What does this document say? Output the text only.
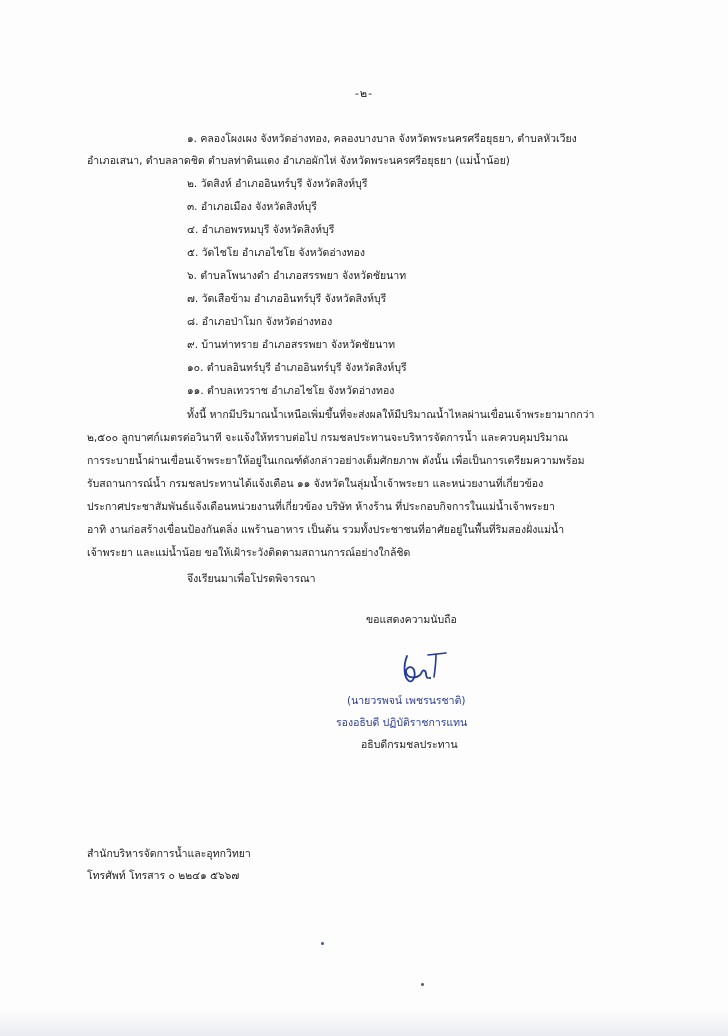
-๒-
๑. คลองโผงเผง จังหวัดอ่างทอง, คลองบางบาล จังหวัดพระนครศรีอยุธยา, ตำบลหัวเวียง
อำเภอเสนา, ตำบลลาดชิด ตำบลท่าดินแดง อำเภอผักไห่ จังหวัดพระนครศรีอยุธยา (แม่น้ำน้อย)
๒. วัดสิงห์ อำเภออินทร์บุรี จังหวัดสิงห์บุรี
๓. อำเภอเมือง จังหวัดสิงห์บุรี
๔. อำเภอพรหมบุรี จังหวัดสิงห์บุรี
๕. วัดไชโย อำเภอไชโย จังหวัดอ่างทอง
๖. ตำบลโพนางดำ อำเภอสรรพยา จังหวัดชัยนาท
๗. วัดเสือข้าม อำเภออินทร์บุรี จังหวัดสิงห์บุรี
๘. อำเภอป่าโมก จังหวัดอ่างทอง
๙. บ้านท่าทราย อำเภอสรรพยา จังหวัดชัยนาท
๑๐. ตำบลอินทร์บุรี อำเภออินทร์บุรี จังหวัดสิงห์บุรี
๑๑. ตำบลเทวราช อำเภอไชโย จังหวัดอ่างทอง
ทั้งนี้ หากมีปริมาณน้ำเหนือเพิ่มขึ้นที่จะส่งผลให้มีปริมาณน้ำไหลผ่านเขื่อนเจ้าพระยามากกว่า
๒,๕๐๐ ลูกบาศก์เมตรต่อวินาที จะแจ้งให้ทราบต่อไป กรมชลประทานจะบริหารจัดการน้ำ และควบคุมปริมาณ
การระบายน้ำผ่านเขื่อนเจ้าพระยาให้อยู่ในเกณฑ์ดังกล่าวอย่างเต็มศักยภาพ ดังนั้น เพื่อเป็นการเตรียมความพร้อม
รับสถานการณ์น้ำ กรมชลประทานได้แจ้งเตือน ๑๑ จังหวัดในลุ่มน้ำเจ้าพระยา และหน่วยงานที่เกี่ยวข้อง
ประกาศประชาสัมพันธ์แจ้งเตือนหน่วยงานที่เกี่ยวข้อง บริษัท ห้างร้าน ที่ประกอบกิจการในแม่น้ำเจ้าพระยา
อาทิ งานก่อสร้างเขื่อนป้องกันตลิ่ง แพร้านอาหาร เป็นต้น รวมทั้งประชาชนที่อาศัยอยู่ในพื้นที่ริมสองฝั่งแม่น้ำ
เจ้าพระยา และแม่น้ำน้อย ขอให้เฝ้าระวังติดตามสถานการณ์อย่างใกล้ชิด
จึงเรียนมาเพื่อโปรดพิจารณา
ขอแสดงความนับถือ
(นายวรพจน์ เพชรนรชาติ)
รองอธิบดี ปฏิบัติราชการแทน
อธิบดีกรมชลประทาน
สำนักบริหารจัดการน้ำและอุทกวิทยา
โทรศัพท์ โทรสาร ๐ ๒๒๔๑ ๕๖๖๗
